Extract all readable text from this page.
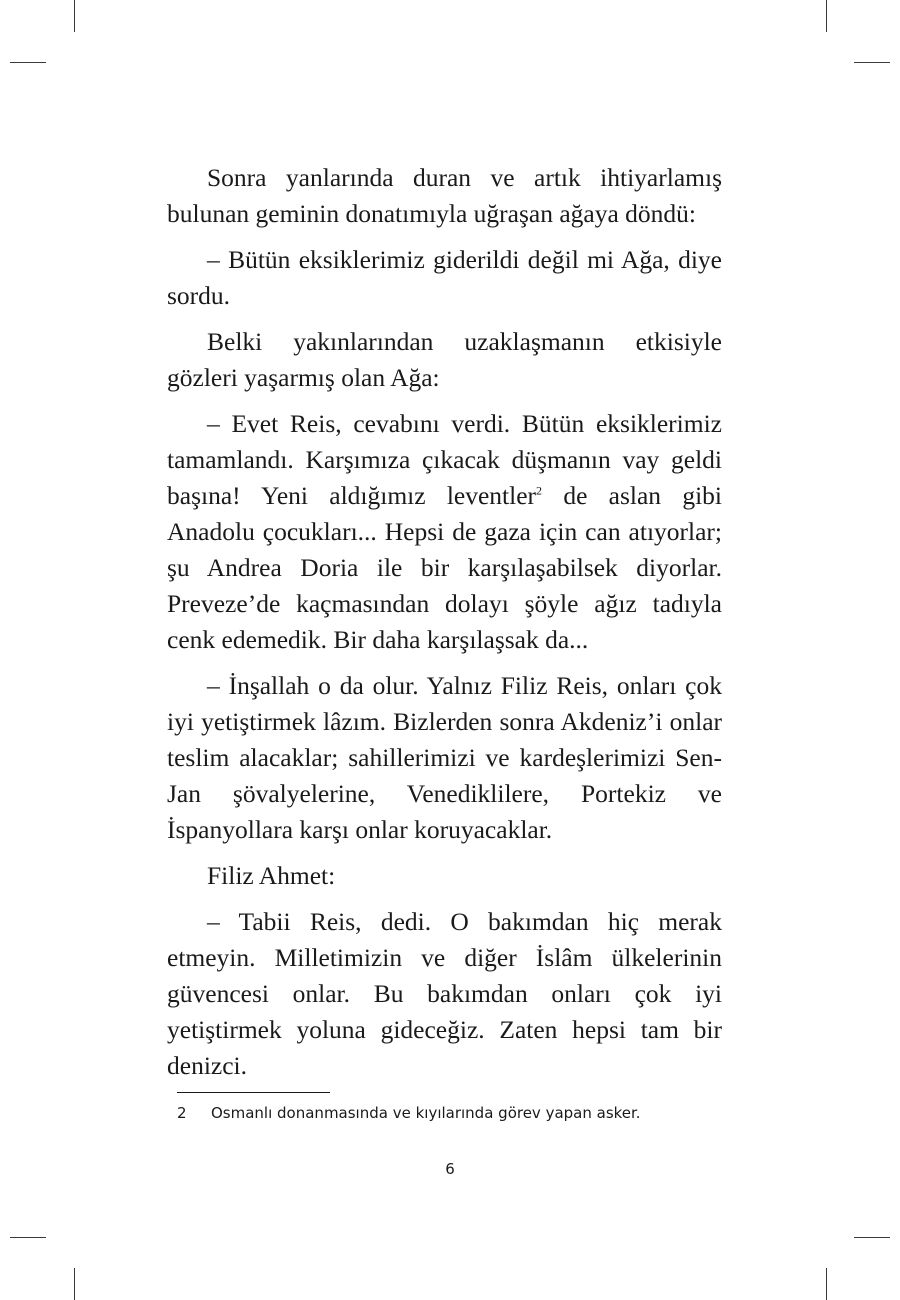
Sonra yanlarında duran ve artık ihtiyarlamış bulunan geminin donatımıyla uğraşan ağaya döndü:

– Bütün eksiklerimiz giderildi değil mi Ağa, diye sordu.

Belki yakınlarından uzaklaşmanın etkisiyle gözleri yaşarmış olan Ağa:

– Evet Reis, cevabını verdi. Bütün eksiklerimiz tamamlandı. Karşımıza çıkacak düşmanın vay geldi başına! Yeni aldığımız leventler$^2$ de aslan gibi Anadolu çocukları... Hepsi de gaza için can atıyorlar; şu Andrea Doria ile bir karşılaşabilsek diyorlar. Preveze’de kaçmasından dolayı şöyle ağız tadıyla cenk edemedik. Bir daha karşılaşsak da...

– İnşallah o da olur. Yalnız Filiz Reis, onları çok iyi yetiştirmek lâzım. Bizlerden sonra Akdeniz’i onlar teslim alacaklar; sahillerimizi ve kardeşlerimizi Sen-Jan şövalyelerine, Venediklilere, Portekiz ve İspanyollara karşı onlar koruyacaklar.

Filiz Ahmet:

– Tabii Reis, dedi. O bakımdan hiç merak etmeyin. Milletimizin ve diğer İslâm ülkelerinin güvencesi onlar. Bu bakımdan onları çok iyi yetiştirmek yoluna gideceğiz. Zaten hepsi tam bir denizci.

2 Osmanlı donanmasında ve kıyılarında görev yapan asker.
6
